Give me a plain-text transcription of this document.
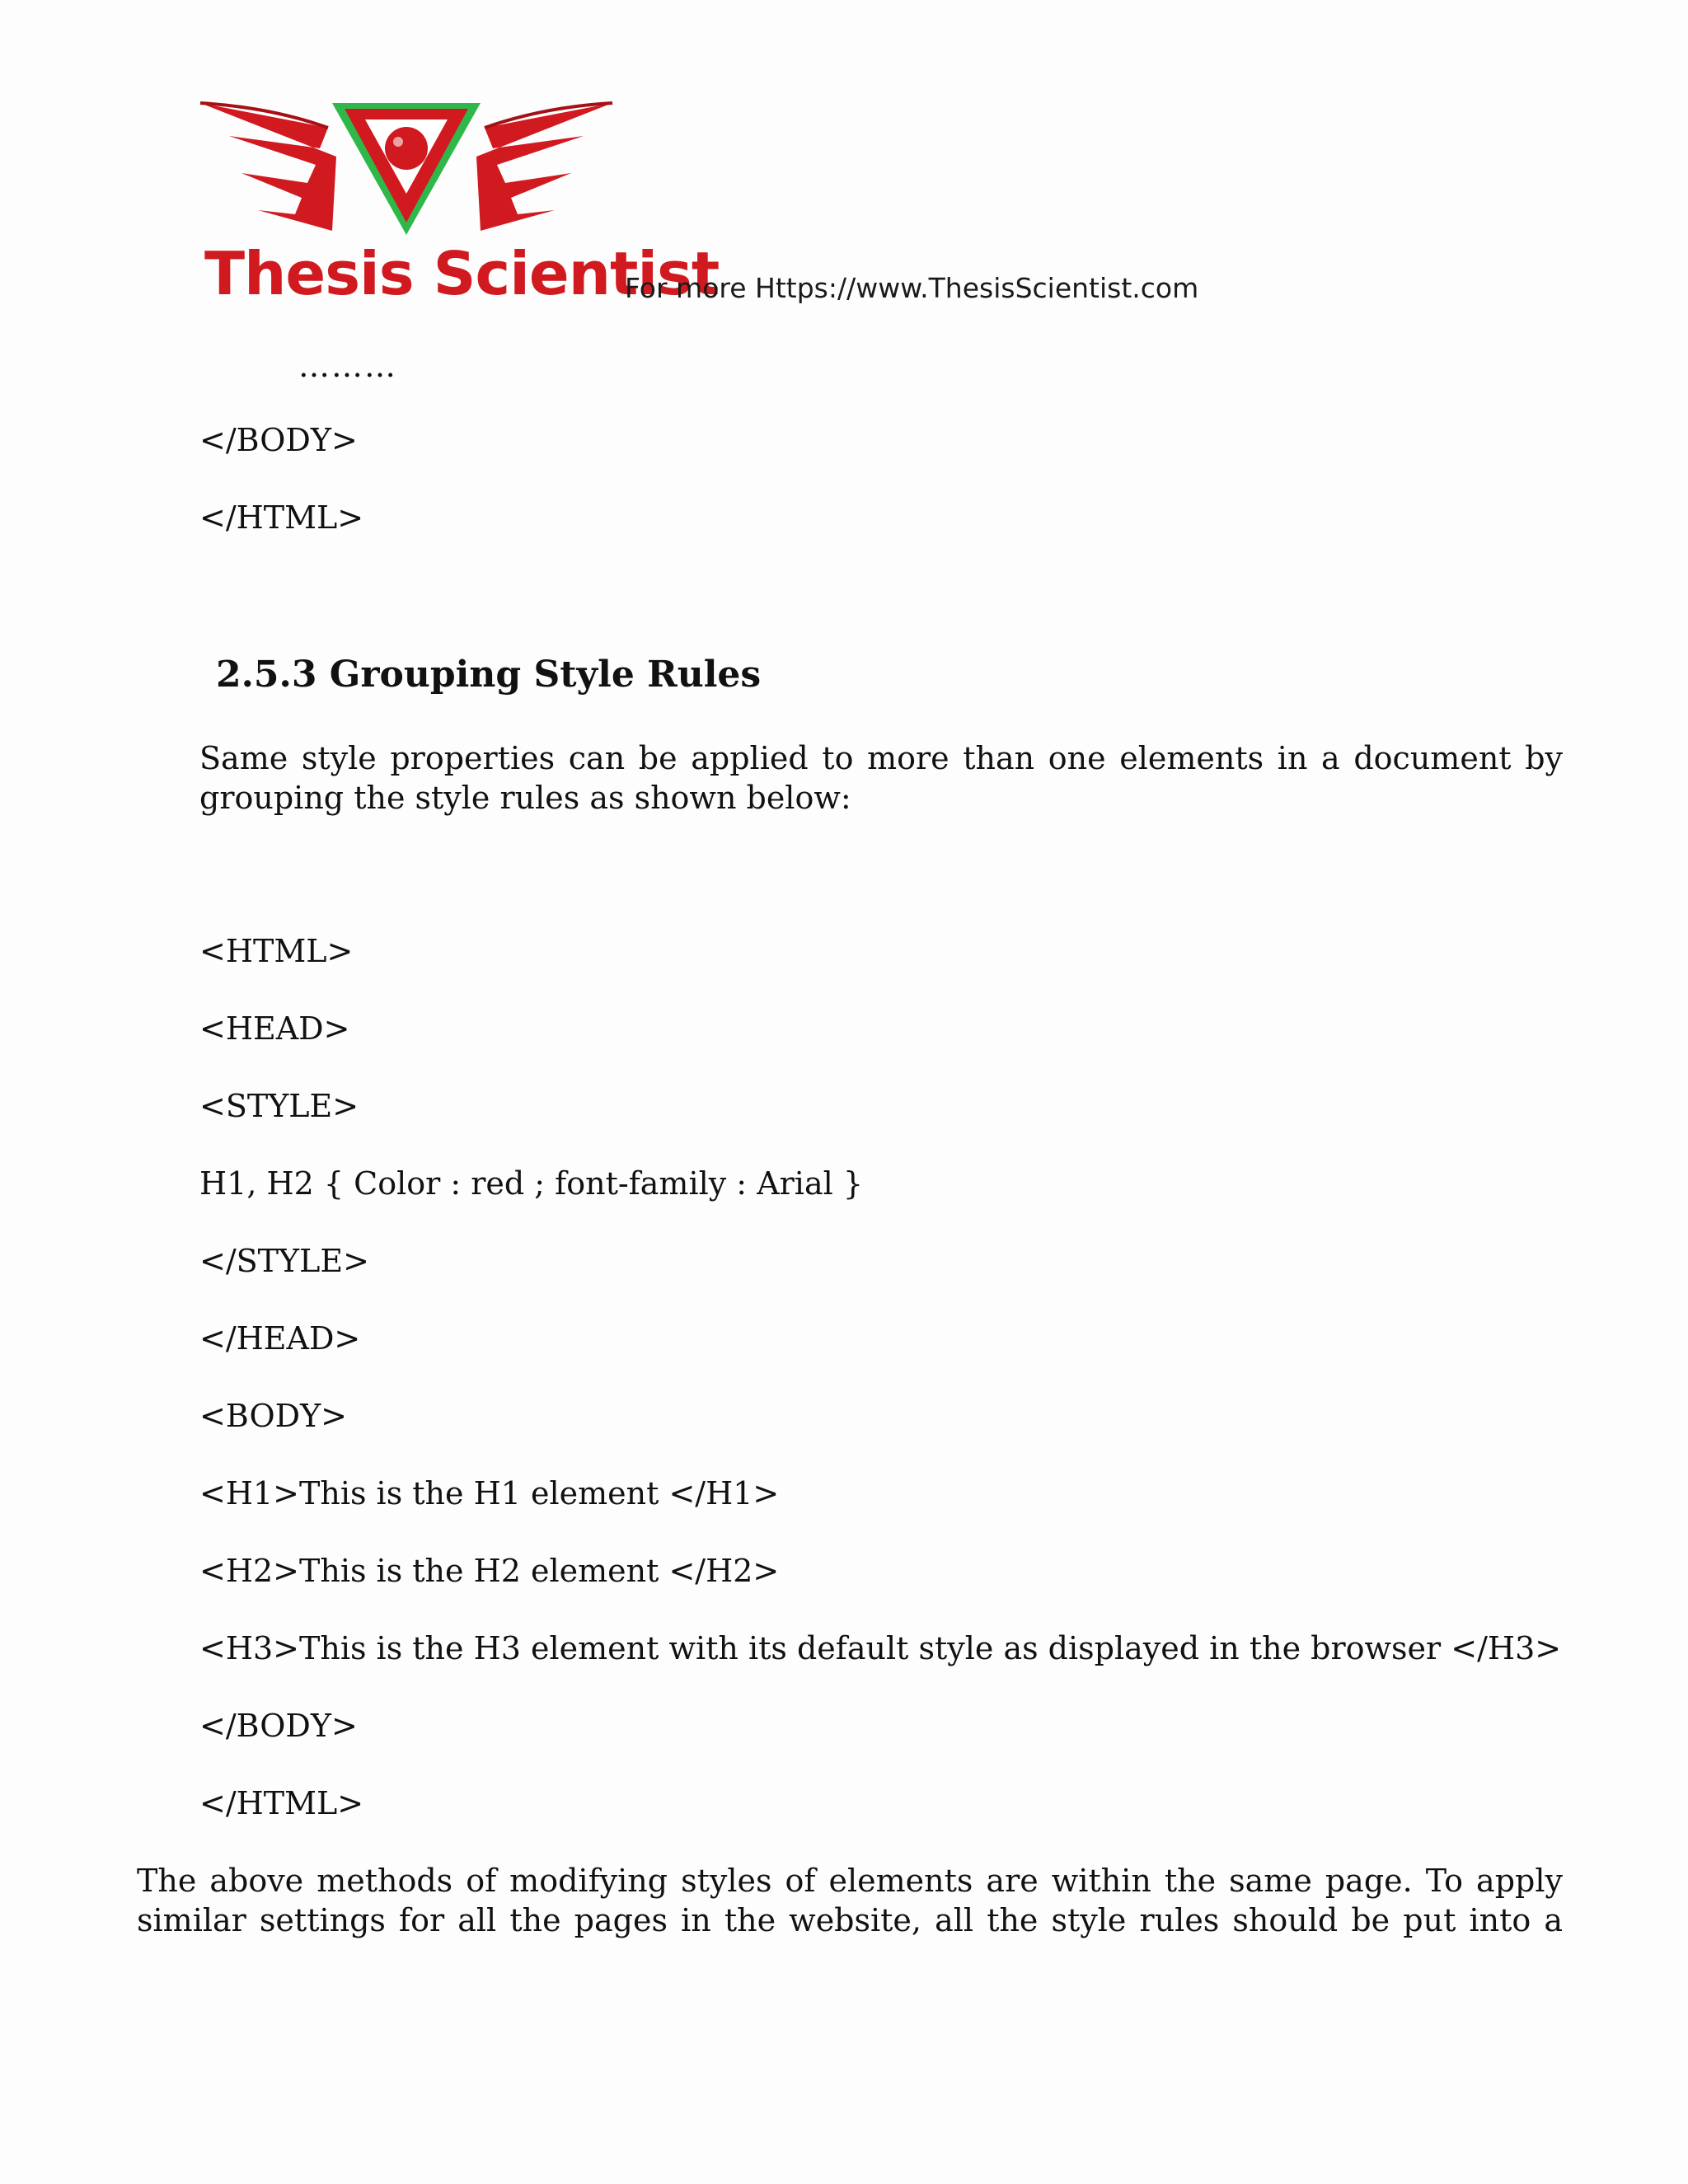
Thesis Scientist
For more Https://www.ThesisScientist.com
………
</BODY>
</HTML>
2.5.3 Grouping Style Rules
Same style properties can be applied to more than one elements in a document by
grouping the style rules as shown below:
<HTML>
<HEAD>
<STYLE>
H1, H2 { Color : red ; font-family : Arial }
</STYLE>
</HEAD>
<BODY>
<H1>This is the H1 element </H1>
<H2>This is the H2 element </H2>
<H3>This is the H3 element with its default style as displayed in the browser </H3>
</BODY>
</HTML>
The above methods of modifying styles of elements are within the same page. To apply
similar settings for all the pages in the website, all the style rules should be put into a
